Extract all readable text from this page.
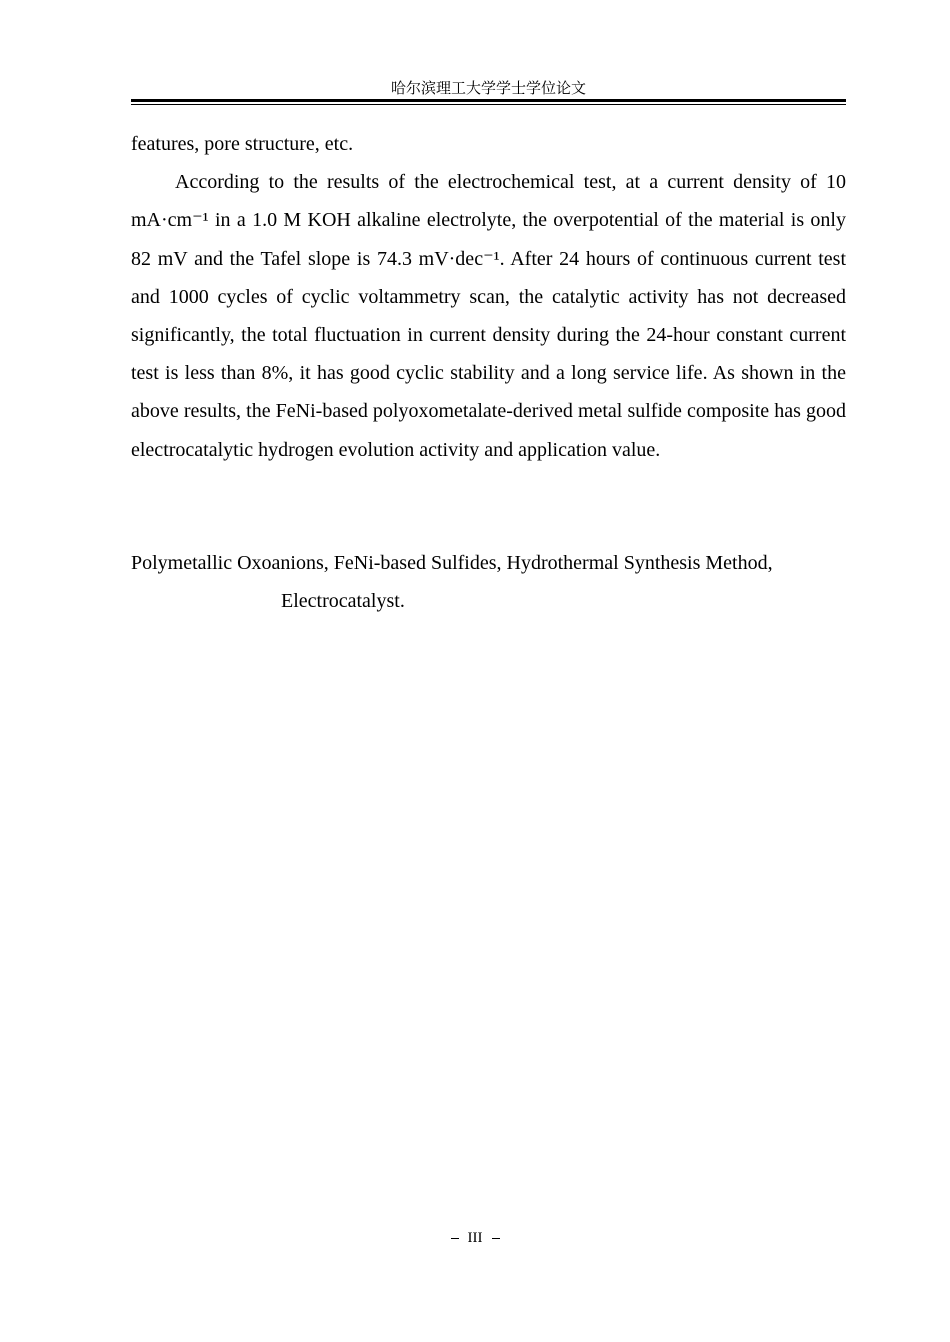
哈尔滨理工大学学士学位论文

features, pore structure, etc.

According to the results of the electrochemical test, at a current density of 10 mA·cm⁻¹ in a 1.0 M KOH alkaline electrolyte, the overpotential of the material is only 82 mV and the Tafel slope is 74.3 mV·dec⁻¹. After 24 hours of continuous current test and 1000 cycles of cyclic voltammetry scan, the catalytic activity has not decreased significantly, the total fluctuation in current density during the 24-hour constant current test is less than 8%, it has good cyclic stability and a long service life. As shown in the above results, the FeNi-based polyoxometalate-derived metal sulfide composite has good electrocatalytic hydrogen evolution activity and application value.

Polymetallic Oxoanions, FeNi-based Sulfides, Hydrothermal Synthesis Method,
Electrocatalyst.
III
